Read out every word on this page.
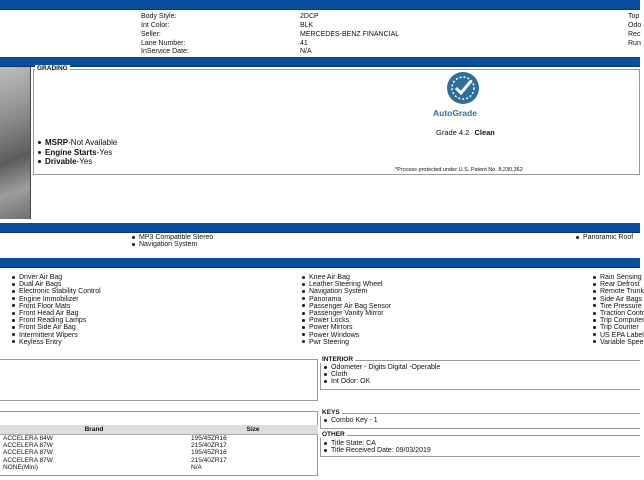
Body Style:	2DCP
Int Color:	BLK
Seller:	MERCEDES-BENZ FINANCIAL
Lane Number:	41
InService Date:	N/A
Top
Odo
Rec
Run
GRADING
AutoGrade
Grade 4.2 Clean
MSRP-Not Available
Engine Starts-Yes
Drivable-Yes
*Process protected under U.S. Patent No. 8,230,362
MP3 Compatible Stereo
Navigation System
Panoramic Roof
Driver Air Bag
Dual Air Bags
Electronic Stability Control
Engine Immobilizer
Front Floor Mats
Front Head Air Bag
Front Reading Lamps
Front Side Air Bag
Intermittent Wipers
Keyless Entry
Knee Air Bag
Leather Steering Wheel
Navigation System
Panorama
Passenger Air Bag Sensor
Passenger Vanity Mirror
Power Locks
Power Mirrors
Power Windows
Pwr Steering
Rain Sensing
Rear Defrost
Remote Trunk
Side Air Bags
Tire Pressure
Traction Contr
Trip Computer
Trip Counter
US EPA Label
Variable Spee
INTERIOR
Odometer - Digits Digital -Operable
Cloth
Int Odor: OK
KEYS
Combo Key - 1
OTHER
Title State: CA
Title Received Date: 09/03/2019
Brand	Size
ACCELERA 84W	195/45ZR16
ACCELERA 87W	215/40ZR17
ACCELERA 87W	195/45ZR16
ACCELERA 87W	215/40ZR17
NONE(Mini)	N/A
